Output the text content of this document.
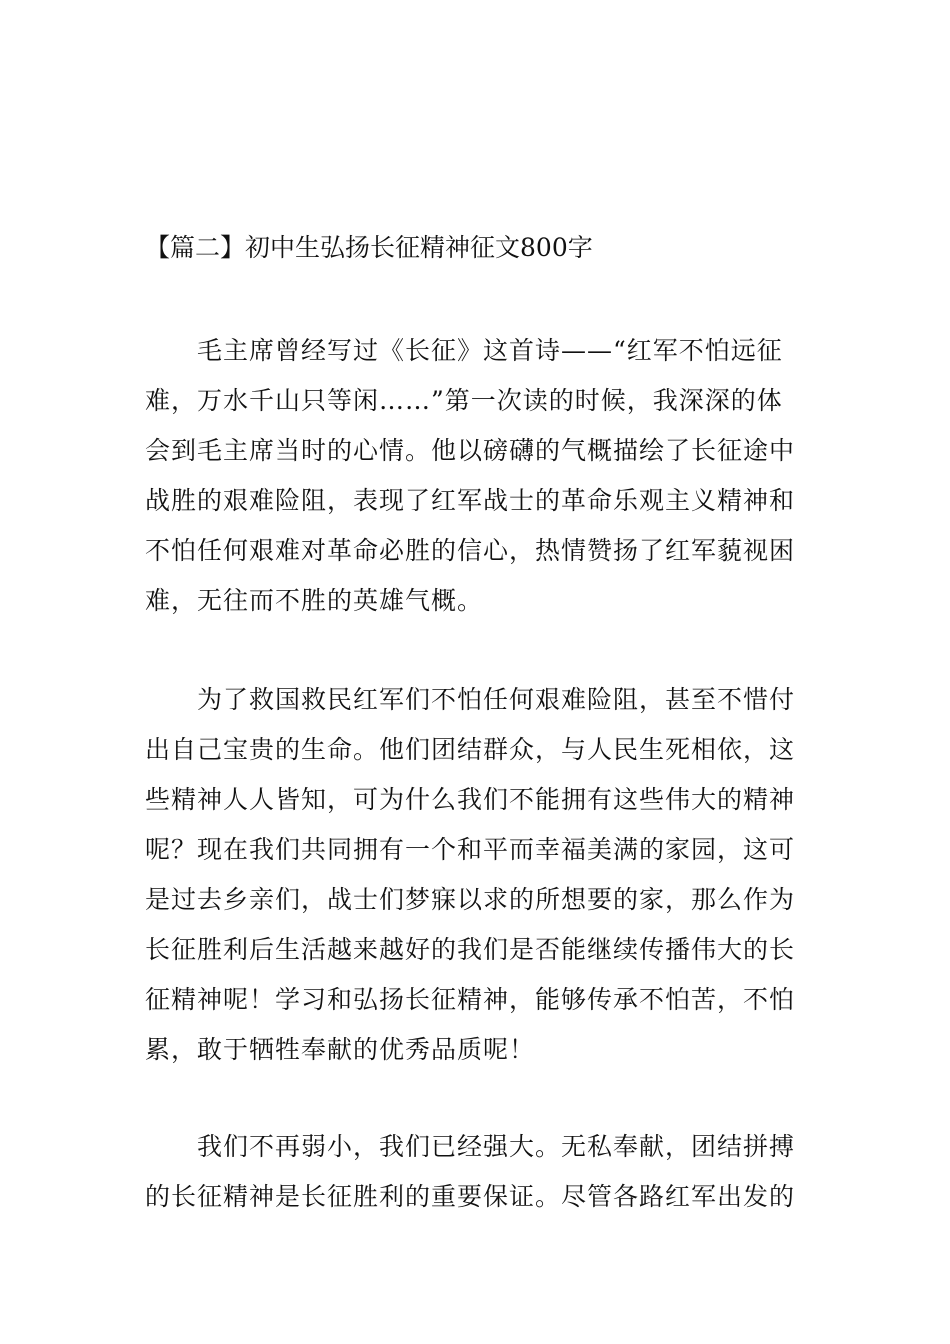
【篇二】初中生弘扬长征精神征文800字
毛主席曾经写过《长征》这首诗——“红军不怕远征
难，万水千山只等闲……”第一次读的时候，我深深的体
会到毛主席当时的心情。他以磅礴的气概描绘了长征途中
战胜的艰难险阻，表现了红军战士的革命乐观主义精神和
不怕任何艰难对革命必胜的信心，热情赞扬了红军藐视困
难，无往而不胜的英雄气概。
为了救国救民红军们不怕任何艰难险阻，甚至不惜付
出自己宝贵的生命。他们团结群众，与人民生死相依，这
些精神人人皆知，可为什么我们不能拥有这些伟大的精神
呢？现在我们共同拥有一个和平而幸福美满的家园，这可
是过去乡亲们，战士们梦寐以求的所想要的家，那么作为
长征胜利后生活越来越好的我们是否能继续传播伟大的长
征精神呢！学习和弘扬长征精神，能够传承不怕苦，不怕
累，敢于牺牲奉献的优秀品质呢！
我们不再弱小，我们已经强大。无私奉献，团结拼搏
的长征精神是长征胜利的重要保证。尽管各路红军出发的
